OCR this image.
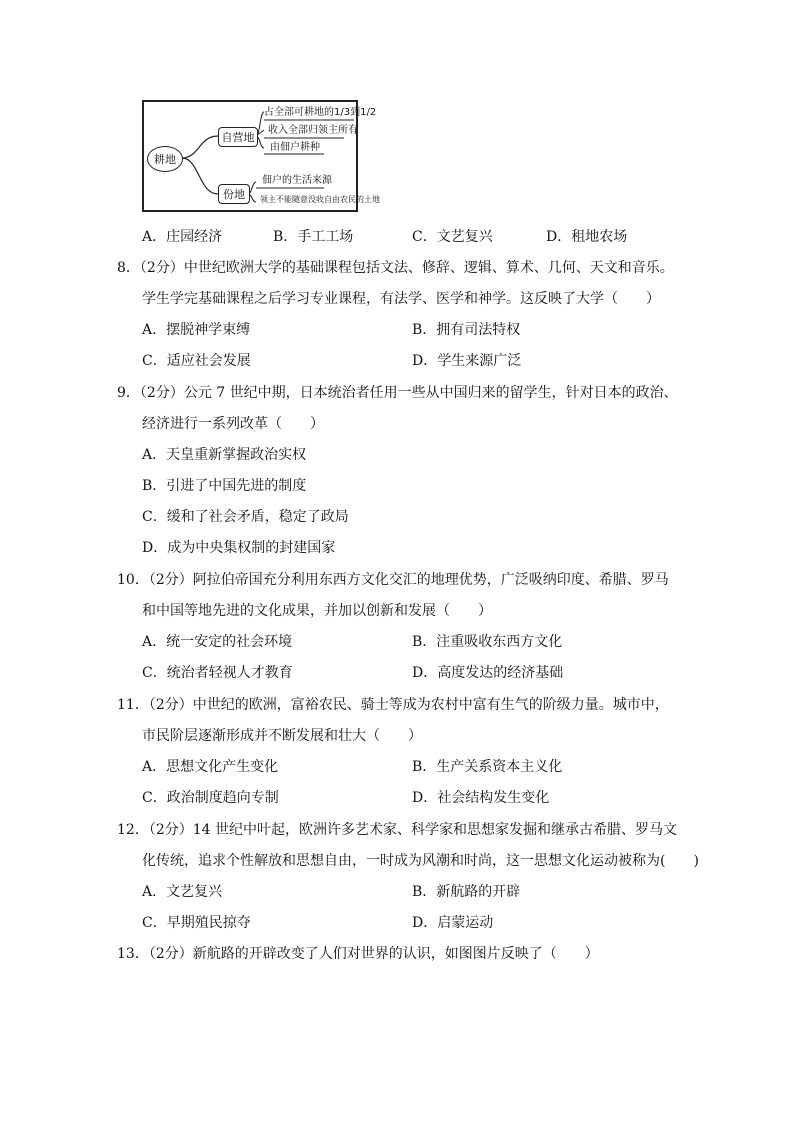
耕地
自营地
份地
占全部可耕地的1/3到1/2
收入全部归领主所有
由佃户耕种
佃户的生活来源
领主不能随意没收自由农民的土地
A．庄园经济	B．手工工场	C．文艺复兴	D．租地农场
8．（2分）中世纪欧洲大学的基础课程包括文法、修辞、逻辑、算术、几何、天文和音乐。
学生学完基础课程之后学习专业课程，有法学、医学和神学。这反映了大学（　　）
A．摆脱神学束缚	B．拥有司法特权
C．适应社会发展	D．学生来源广泛
9．（2分）公元 7 世纪中期，日本统治者任用一些从中国归来的留学生，针对日本的政治、
经济进行一系列改革（　　）
A．天皇重新掌握政治实权
B．引进了中国先进的制度
C．缓和了社会矛盾，稳定了政局
D．成为中央集权制的封建国家
10．（2分）阿拉伯帝国充分利用东西方文化交汇的地理优势，广泛吸纳印度、希腊、罗马
和中国等地先进的文化成果，并加以创新和发展（　　）
A．统一安定的社会环境	B．注重吸收东西方文化
C．统治者轻视人才教育	D．高度发达的经济基础
11．（2分）中世纪的欧洲，富裕农民、骑士等成为农村中富有生气的阶级力量。城市中，
市民阶层逐渐形成并不断发展和壮大（　　）
A．思想文化产生变化	B．生产关系资本主义化
C．政治制度趋向专制	D．社会结构发生变化
12．（2分）14 世纪中叶起，欧洲许多艺术家、科学家和思想家发掘和继承古希腊、罗马文
化传统，追求个性解放和思想自由，一时成为风潮和时尚，这一思想文化运动被称为(　　)
A．文艺复兴	B．新航路的开辟
C．早期殖民掠夺	D．启蒙运动
13．（2分）新航路的开辟改变了人们对世界的认识，如图图片反映了（　　）
